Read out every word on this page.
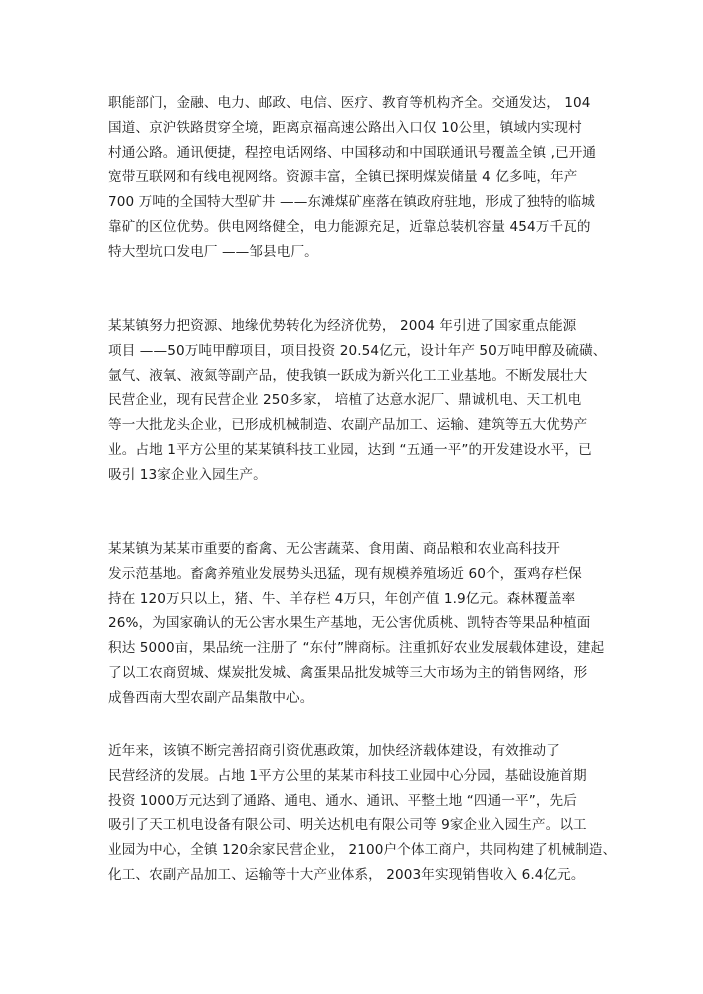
职能部门，金融、电力、邮政、电信、医疗、教育等机构齐全。交通发达， 104
国道、京沪铁路贯穿全境，距离京福高速公路出入口仅 10公里，镇域内实现村
村通公路。通讯便捷，程控电话网络、中国移动和中国联通讯号覆盖全镇 ,已开通
宽带互联网和有线电视网络。资源丰富，全镇已探明煤炭储量 4 亿多吨，年产
700 万吨的全国特大型矿井 ——东滩煤矿座落在镇政府驻地，形成了独特的临城
靠矿的区位优势。供电网络健全，电力能源充足，近靠总装机容量 454万千瓦的
特大型坑口发电厂 ——邹县电厂。
某某镇努力把资源、地缘优势转化为经济优势， 2004 年引进了国家重点能源
项目 ——50万吨甲醇项目，项目投资 20.54亿元，设计年产 50万吨甲醇及硫磺、
氩气、液氧、液氮等副产品，使我镇一跃成为新兴化工工业基地。不断发展壮大
民营企业，现有民营企业 250多家， 培植了达意水泥厂、鼎诚机电、天工机电
等一大批龙头企业，已形成机械制造、农副产品加工、运输、建筑等五大优势产
业。占地 1平方公里的某某镇科技工业园，达到 “五通一平”的开发建设水平，已
吸引 13家企业入园生产。
某某镇为某某市重要的畜禽、无公害蔬菜、食用菌、商品粮和农业高科技开
发示范基地。畜禽养殖业发展势头迅猛，现有规模养殖场近 60个，蛋鸡存栏保
持在 120万只以上，猪、牛、羊存栏 4万只，年创产值 1.9亿元。森林覆盖率
26%，为国家确认的无公害水果生产基地，无公害优质桃、凯特杏等果品种植面
积达 5000亩，果品统一注册了 “东付”牌商标。注重抓好农业发展载体建设，建起
了以工农商贸城、煤炭批发城、禽蛋果品批发城等三大市场为主的销售网络，形
成鲁西南大型农副产品集散中心。
近年来，该镇不断完善招商引资优惠政策，加快经济载体建设，有效推动了
民营经济的发展。占地 1平方公里的某某市科技工业园中心分园，基础设施首期
投资 1000万元达到了通路、通电、通水、通讯、平整土地 “四通一平”，先后
吸引了天工机电设备有限公司、明关达机电有限公司等 9家企业入园生产。以工
业园为中心，全镇 120余家民营企业， 2100户个体工商户，共同构建了机械制造、
化工、农副产品加工、运输等十大产业体系， 2003年实现销售收入 6.4亿元。
